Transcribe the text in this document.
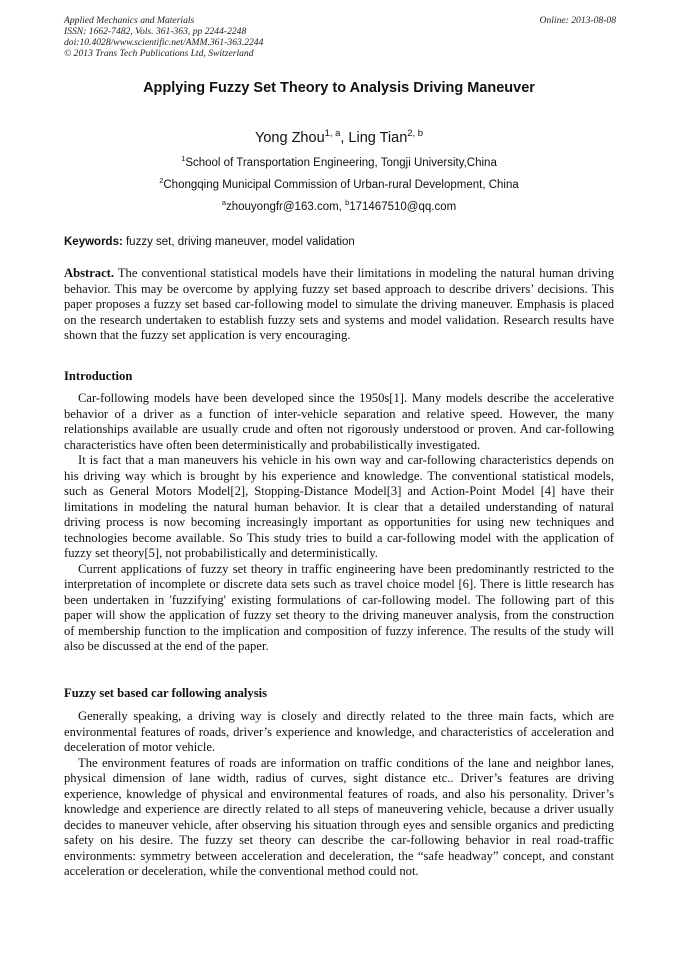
Applied Mechanics and Materials
ISSN: 1662-7482, Vols. 361-363, pp 2244-2248
doi:10.4028/www.scientific.net/AMM.361-363.2244
© 2013 Trans Tech Publications Ltd, Switzerland
Online: 2013-08-08
Applying Fuzzy Set Theory to Analysis Driving Maneuver
Yong Zhou$^{1, a}$, Ling Tian$^{2, b}$
$^1$School of Transportation Engineering, Tongji University,China
$^2$Chongqing Municipal Commission of Urban-rural Development, China
$^a$zhouyongfr@163.com, $^b$171467510@qq.com
Keywords: fuzzy set, driving maneuver, model validation

Abstract. The conventional statistical models have their limitations in modeling the natural human driving behavior. This may be overcome by applying fuzzy set based approach to describe drivers’ decisions. This paper proposes a fuzzy set based car-following model to simulate the driving maneuver. Emphasis is placed on the research undertaken to establish fuzzy sets and systems and model validation. Research results have shown that the fuzzy set application is very encouraging.

Introduction

Car-following models have been developed since the 1950s[1]. Many models describe the accelerative behavior of a driver as a function of inter-vehicle separation and relative speed. However, the many relationships available are usually crude and often not rigorously understood or proven. And car-following characteristics have often been deterministically and probabilistically investigated.

It is fact that a man maneuvers his vehicle in his own way and car-following characteristics depends on his driving way which is brought by his experience and knowledge. The conventional statistical models, such as General Motors Model[2], Stopping-Distance Model[3] and Action-Point Model [4] have their limitations in modeling the natural human behavior. It is clear that a detailed understanding of natural driving process is now becoming increasingly important as opportunities for using new techniques and technologies become available. So This study tries to build a car-following model with the application of fuzzy set theory[5], not probabilistically and deterministically.

Current applications of fuzzy set theory in traffic engineering have been predominantly restricted to the interpretation of incomplete or discrete data sets such as travel choice model [6]. There is little research has been undertaken in 'fuzzifying' existing formulations of car-following model. The following part of this paper will show the application of fuzzy set theory to the driving maneuver analysis, from the construction of membership function to the implication and composition of fuzzy inference. The results of the study will also be discussed at the end of the paper.

Fuzzy set based car following analysis

Generally speaking, a driving way is closely and directly related to the three main facts, which are environmental features of roads, driver’s experience and knowledge, and characteristics of acceleration and deceleration of motor vehicle.

The environment features of roads are information on traffic conditions of the lane and neighbor lanes, physical dimension of lane width, radius of curves, sight distance etc.. Driver’s features are driving experience, knowledge of physical and environmental features of roads, and also his personality. Driver’s knowledge and experience are directly related to all steps of maneuvering vehicle, because a driver usually decides to maneuver vehicle, after observing his situation through eyes and sensible organics and predicting safety on his desire. The fuzzy set theory can describe the car-following behavior in real road-traffic environments: symmetry between acceleration and deceleration, the “safe headway” concept, and constant acceleration or deceleration, while the conventional method could not.
